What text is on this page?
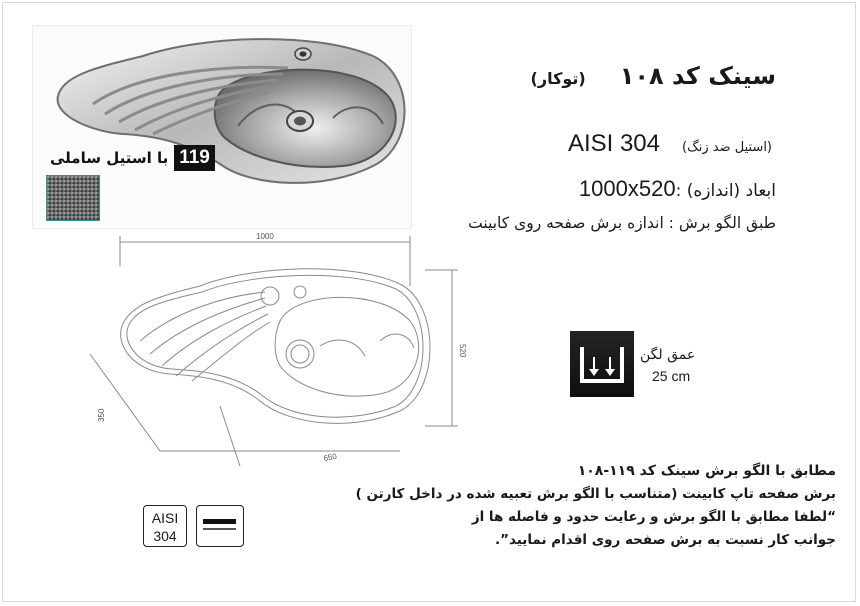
119
با استیل ساملی
سینک کد ۱۰۸
(توکار)
(استیل ضد زنگ)
AISI 304
ابعاد (اندازه) :
1000x520
طبق الگو برش : اندازه برش صفحه روی کابینت
1000
520
350
650
عمق لگن
25 cm
مطابق با الگو برش سینک کد ۱۱۹-۱۰۸
برش صفحه تاپ کابینت (متناسب با الگو برش تعبیه شده در داخل کارتن )
“لطفا مطابق با الگو برش و رعایت حدود و فاصله ها از
جوانب کار نسبت به برش صفحه روی اقدام نمایید”.
AISI
304
